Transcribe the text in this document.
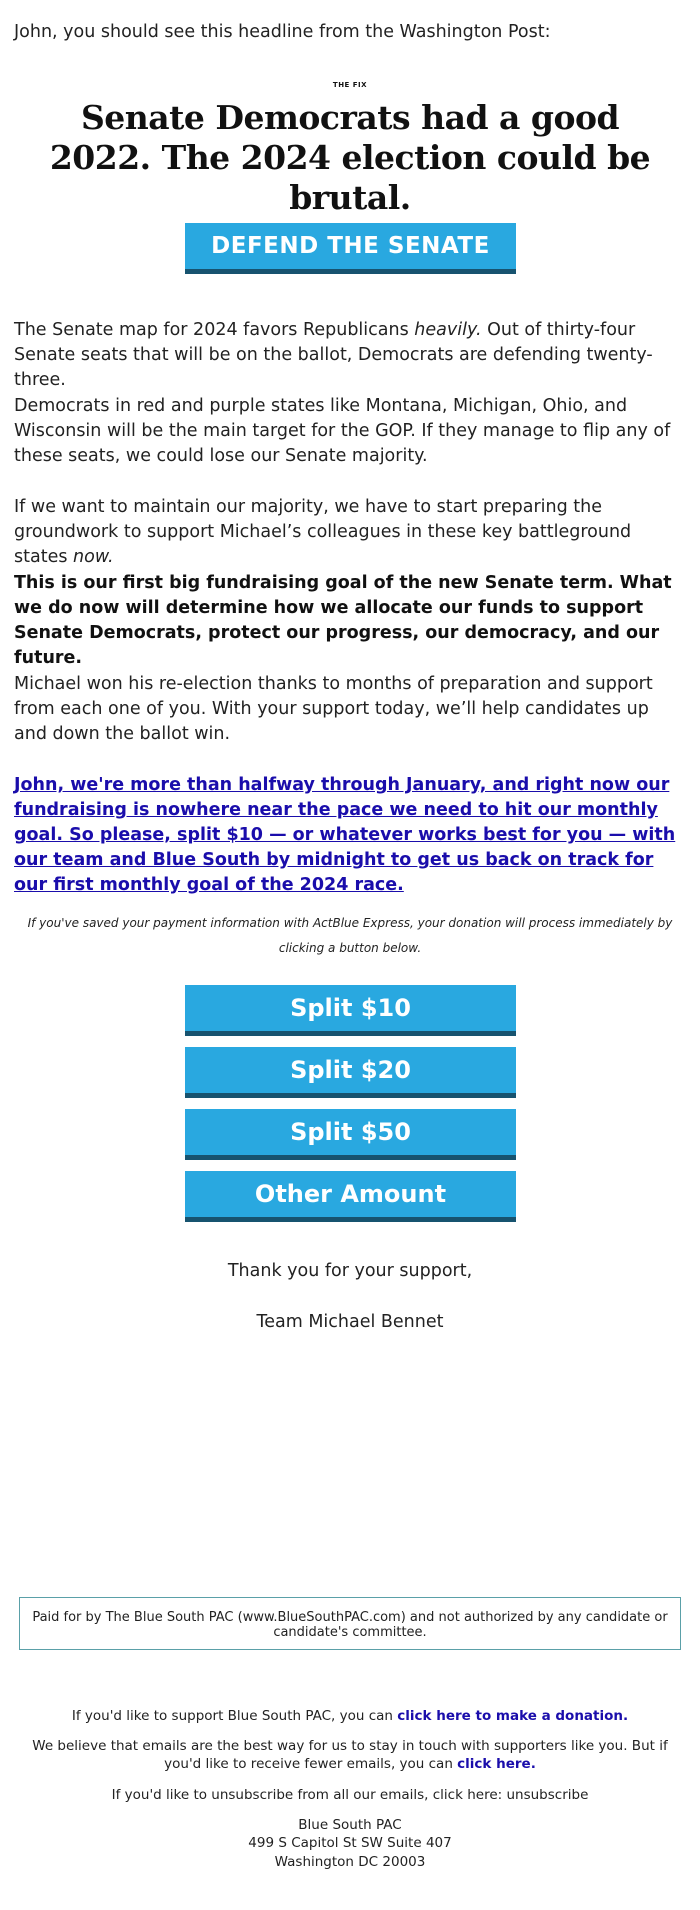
John, you should see this headline from the Washington Post:
THE FIX
Senate Democrats had a good 2022. The 2024 election could be brutal.
DEFEND THE SENATE

The Senate map for 2024 favors Republicans heavily. Out of thirty-four Senate seats that will be on the ballot, Democrats are defending twenty-three.

Democrats in red and purple states like Montana, Michigan, Ohio, and Wisconsin will be the main target for the GOP. If they manage to flip any of these seats, we could lose our Senate majority.

If we want to maintain our majority, we have to start preparing the groundwork to support Michael’s colleagues in these key battleground states now.

This is our first big fundraising goal of the new Senate term. What we do now will determine how we allocate our funds to support Senate Democrats, protect our progress, our democracy, and our future.

Michael won his re-election thanks to months of preparation and support from each one of you. With your support today, we’ll help candidates up and down the ballot win.

John, we're more than halfway through January, and right now our fundraising is nowhere near the pace we need to hit our monthly goal. So please, split $10 — or whatever works best for you — with our team and Blue South by midnight to get us back on track for our first monthly goal of the 2024 race.

If you've saved your payment information with ActBlue Express, your donation will process immediately by clicking a button below.
Split $10
Split $20
Split $50
Other Amount
Thank you for your support,
Team Michael Bennet
Paid for by The Blue South PAC (www.BlueSouthPAC.com) and not authorized by any candidate or candidate's committee.
If you'd like to support Blue South PAC, you can click here to make a donation.
We believe that emails are the best way for us to stay in touch with supporters like you. But if you'd like to receive fewer emails, you can click here.
If you'd like to unsubscribe from all our emails, click here: unsubscribe
Blue South PAC
499 S Capitol St SW Suite 407
Washington DC 20003
